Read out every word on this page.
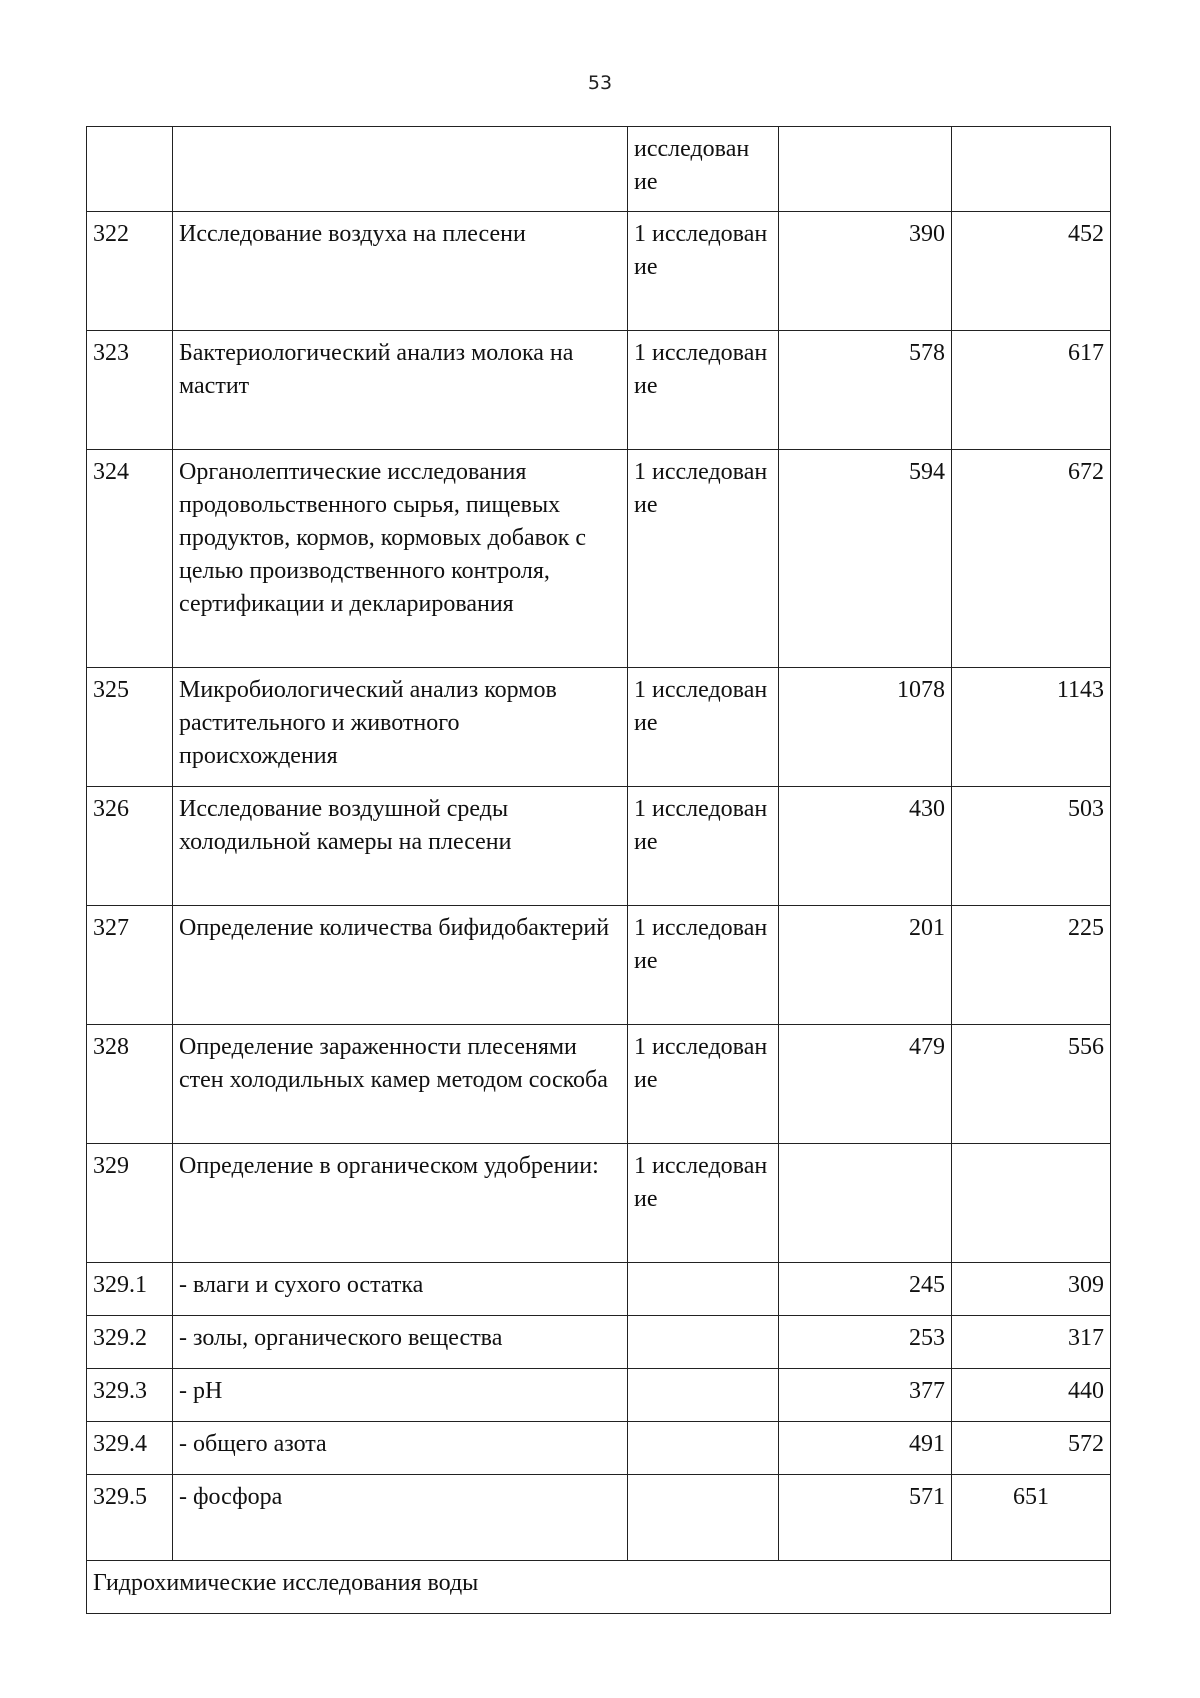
53
		исследован
ие		
322	Исследование воздуха на плесени	1 исследован ие	390	452
323	Бактериологический анализ молока на мастит	1 исследован ие	578	617
324	Органолептические исследования продовольственного сырья, пищевых продуктов, кормов, кормовых добавок с целью производственного контроля, сертификации и декларирования	1 исследован ие	594	672
325	Микробиологический анализ кормов растительного и животного происхождения	1 исследован ие	1078	1143
326	Исследование воздушной среды холодильной камеры на плесени	1 исследован ие	430	503
327	Определение количества бифидобактерий	1 исследован ие	201	225
328	Определение зараженности плесенями стен холодильных камер методом соскоба	1 исследован ие	479	556
329	Определение в органическом удобрении:	1 исследован ие		
329.1	- влаги и сухого остатка		245	309
329.2	- золы, органического вещества		253	317
329.3	- pH		377	440
329.4	- общего азота		491	572
329.5	- фосфора		571	651
Гидрохимические исследования воды				
